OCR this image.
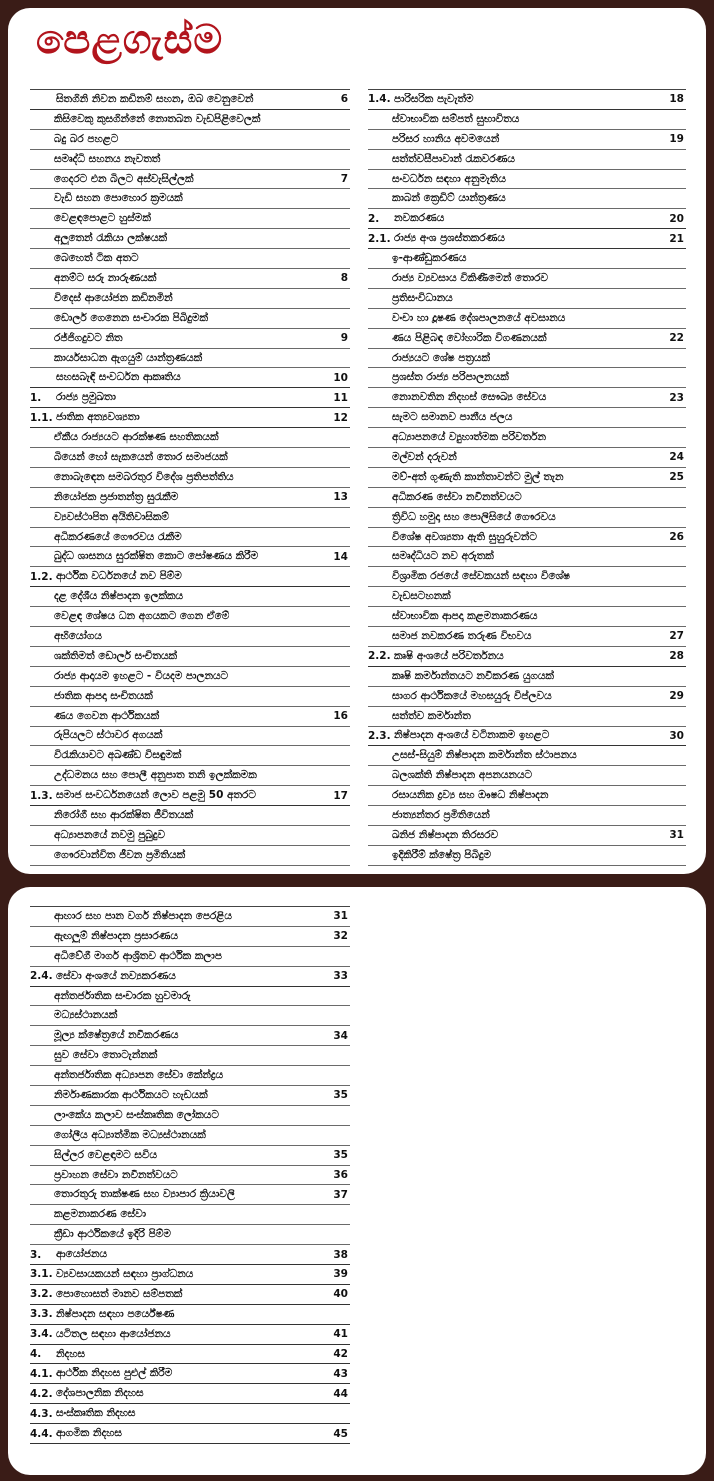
පෙළගැස්ම
සිතගිනි නිවන කඩිනම් සහන, ඔබ වෙනුවෙන්	6
කිසිවෙකු කුසගින්නේ නොතබන වැඩපිළිවෙලක්
බදු බර පහළට
සමෘද්ධි සහනය නැවතත්
ගෙදරට එන බිලට අස්වැසිල්ලක්	7
වැඩි සහන පොහොර ක්‍රමයක්
වෙළඳපොළට හුස්මක්
අලුතෙන් රැකියා ලක්ෂයක්
බෙහෙත් ටික අතට
අනම්ට සරු නාරුණයක්	8
විදෙස් ආයෝජන කඩිනමින්
ඩොලර් ගෙනෙන සංචාරක පිබිදුමක්
රජ්ජිගදුවට නිත	9
කාර්යසාධන ඇගයුම් යාන්ත්‍රණයක්
සහසබැඳි සංවර්ධන ආකෘතිය	10
1.	රාජ්‍ය ප්‍රමුඛතා	11
1.1. ජාතික අත්‍යවශ්‍යතා	12
ඒකීය රාජ්‍යයට ආරක්ෂණ සහතිකයක්
බියෙන් හෝ සැකයෙන් තොර සමාජයක්
නොබැඳෙන සමබරතුර විදේශ ප්‍රතිපත්තිය
නියෝජක ප්‍රජාතන්ත්‍ර සුරැකීම	13
ව්‍යවස්ථාපිත අයිතිවාසිකම්
අධිකරණයේ ගෞරවය රැකීම
බුද්ධ ශාසනය සුරක්ෂිත කොට පෝෂණය කිරීම	14
1.2. ආර්ථික වර්ධනයේ නව පිම්ම
දළ දේශීය නිෂ්පාදන ඉලක්කය
වෙළඳ ශේෂය ධන අගයකට ගෙන ඒමේ
අභියෝගය
ශක්තිමත් ඩොලර් සංචිතයක්
රාජ්‍ය ආදායම ඉහළට - වියදම පාලනයට
ජාතික ආපදා සංචිතයක්
ණය ගෙවන ආර්ථිකයක්	16
රුපියලට ස්ථාවර අගයක්
විරැකියාවට අඛණ්ඩ විසඳුමක්
උද්ධමනය සහ පොලී අනුපාත තනි ඉලක්කමක
1.3. සමාජ සංවර්ධනයෙන් ලොව පළමු 50 අතරට	17
නිරෝගී සහ ආරක්ෂිත ජීවිතයක්
අධ්‍යාපනයේ නවමු පුබුදුව
ගෞරවාන්විත ජීවන ප්‍රමිතියක්
1.4. පාරිසරික පැවැත්ම	18
ස්වාභාවික සම්පත් සුභාවිතය
පරිසර හානිය අවමයෙන්	19
සත්ත්වසීපාවාන් රැකවරණය
සංවර්ධන සඳහා අනුමැතිය
කාබන් ක්‍රෙඩිට් යාන්ත්‍රණය
2.	නවකරණය	20
2.1. රාජ්‍ය අංශ ප්‍රශස්තකරණය	21
ඉ-ආණ්ඩුකරණය
රාජ්‍ය ව්‍යවසාය විකිණීමෙන් තොරව
ප්‍රතිසංවිධානය
වංචා හා දූෂණ දේශපාලනයේ අවසානය
ණය පිළිබඳ වෝහාරික විගණනයක්	22
රාජ්‍යයට ශේෂ පත්‍රයක්
ප්‍රශස්ත රාජ්‍ය පරිපාලනයක්
නොනවතින නිදහස් සෞඛ්‍ය සේවය	23
සැමට සමානව පානීය ජලය
අධ්‍යාපනයේ ව්‍යුහාත්මක පරිවර්තන
මල්වන් දරුවන්	24
මව්-අත් ගුණැති කාන්තාවන්ට මුල් තැන	25
අධිකරණ සේවා නවීනත්වයට
ත්‍රිවිධ හමුදා සහ පොලිසියේ ගෞරවය
විශේෂ අවශ්‍යතා ඇති සුහුරුවන්ට	26
සමෘද්ධියට නව අරුතක්
විශ්‍රාමික රජයේ සේවකයන් සඳහා විශේෂ
වැඩසටහනක්
ස්වාභාවික ආපදා කළමනාකරණය
සමාජ නවකරණ තරුණ විභවය	27
2.2. කෘෂි අංශයේ පරිවර්තනය	28
කෘෂි කර්මාන්තයට නවීකරණ යුගයක්
සාගර ආර්ථිකයේ මහඝයුරු විප්ලවය	29
සත්ත්ව කර්මාන්ත
2.3. නිෂ්පාදන අංශයේ වටිනාකම ඉහළට	30
උසස්-සියුම් නිෂ්පාදන කර්මාන්ත ස්ථාපනය
බලශක්ති නිෂ්පාදන අපනයනයට
රසායනික ද්‍රව්‍ය සහ ඖෂධ නිෂ්පාදන
ජාත්‍යන්තර ප්‍රමිතියෙන්
ඛනිජ නිෂ්පාදන තිරසරව	31
ඉදිකිරීම් ක්ෂේත්‍ර පිබිදුම
ආහාර සහ පාන වර්ග නිෂ්පාදන පෙරළිය	31
ඇඟලුම් නිෂ්පාදන ප්‍රසාරණය	32
අධිවේගී මාර්ග ආශ්‍රිතව ආර්ථික කලාප
2.4. සේවා අංශයේ නව්‍යකරණය	33
අන්තර්ජාතික සංචාරක හුවමාරු
මධ්‍යස්ථානයක්
මූල්‍ය ක්ෂේත්‍රයේ නවීකරණය	34
සුව සේවා තොටැන්නක්
අන්තර්ජාතික අධ්‍යාපන සේවා කේන්ද්‍රය
නිර්මාණකාරක ආර්ථිකයට හැඩයක්	35
ලාංකේය කලාව සංස්කෘතික ලෝකයට
ගෝලීය අධ්‍යාත්මික මධ්‍යස්ථානයක්
සිල්ලර වෙළඳාමට සවිය	35
ප්‍රවාහන සේවා නවීනත්වයට	36
තොරතුරු තාක්ෂණ සහ ව්‍යාපාර ක්‍රියාවලි	37
කළමනාකරණ සේවා
ක්‍රීඩා ආර්ථිකයේ ඉදිරි පිම්ම
3.	ආයෝජනය	38
3.1. ව්‍යවසායකයන් සඳහා ප්‍රාග්ධනය	39
3.2. පොහොසත් මානව සම්පතක්	40
3.3. නිෂ්පාදන සඳහා පර්යේෂණ
3.4. යටිතල සඳහා ආයෝජනය	41
4.	නිදහස	42
4.1. ආර්ථික නිදහස පුළුල් කිරීම	43
4.2. දේශපාලනික නිදහස	44
4.3. සංස්කෘතික නිදහස
4.4. ආගමික නිදහස	45
